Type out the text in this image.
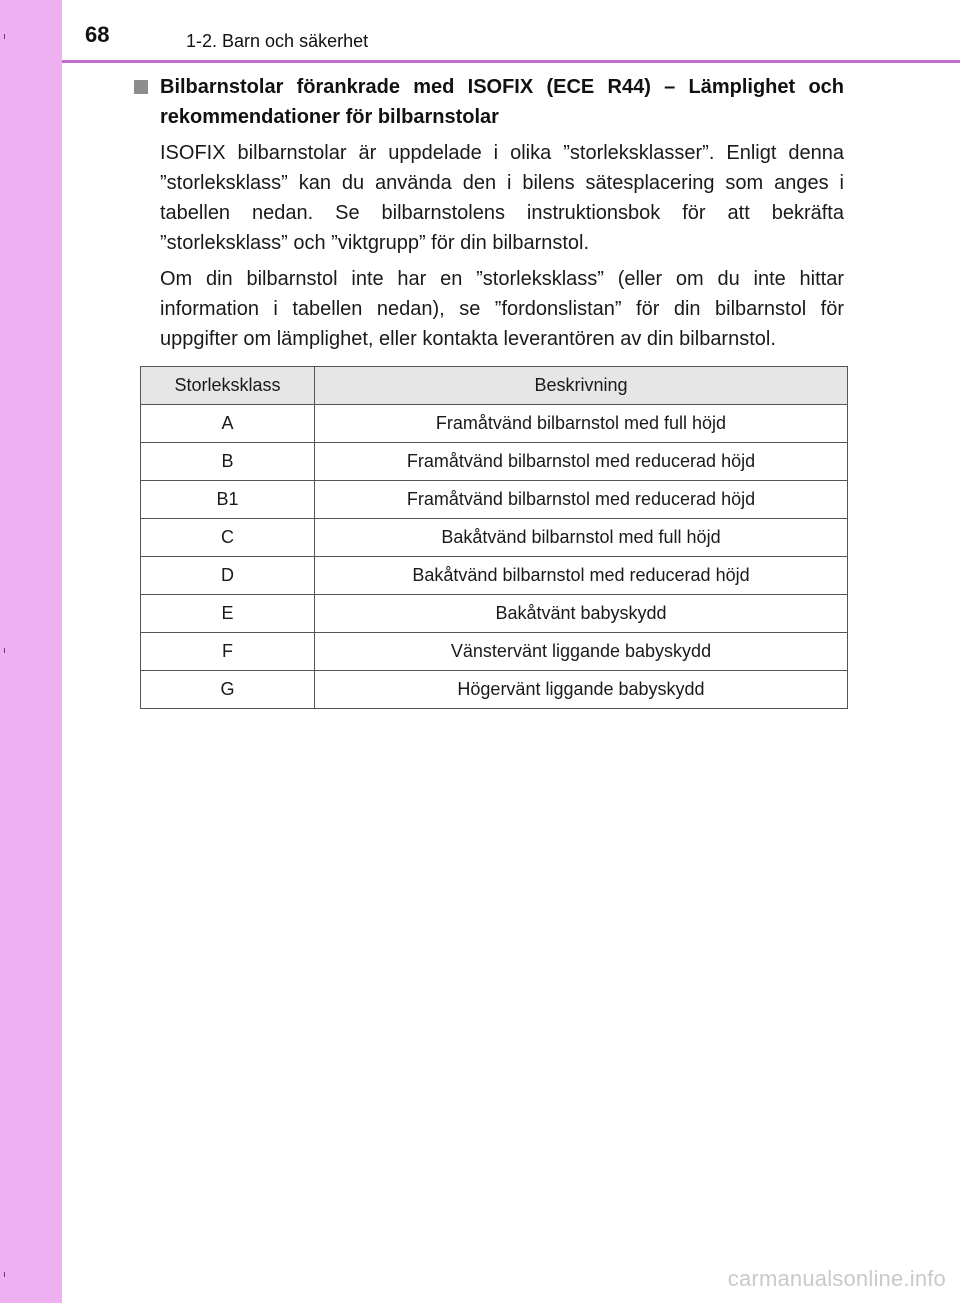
68	1-2. Barn och säkerhet
Bilbarnstolar förankrade med ISOFIX (ECE R44) – Lämplighet och rekommendationer för bilbarnstolar

ISOFIX bilbarnstolar är uppdelade i olika ”storleksklasser”. Enligt denna ”storleksklass” kan du använda den i bilens sätesplacering som anges i tabellen nedan. Se bilbarnstolens instruktionsbok för att bekräfta ”storleksklass” och ”viktgrupp” för din bilbarnstol.

Om din bilbarnstol inte har en ”storleksklass” (eller om du inte hittar information i tabellen nedan), se ”fordonslistan” för din bilbarnstol för uppgifter om lämplighet, eller kontakta leverantören av din bilbarnstol.

Storleksklass	Beskrivning
A	Framåtvänd bilbarnstol med full höjd
B	Framåtvänd bilbarnstol med reducerad höjd
B1	Framåtvänd bilbarnstol med reducerad höjd
C	Bakåtvänd bilbarnstol med full höjd
D	Bakåtvänd bilbarnstol med reducerad höjd
E	Bakåtvänt babyskydd
F	Vänstervänt liggande babyskydd
G	Högervänt liggande babyskydd
carmanualsonline.info
